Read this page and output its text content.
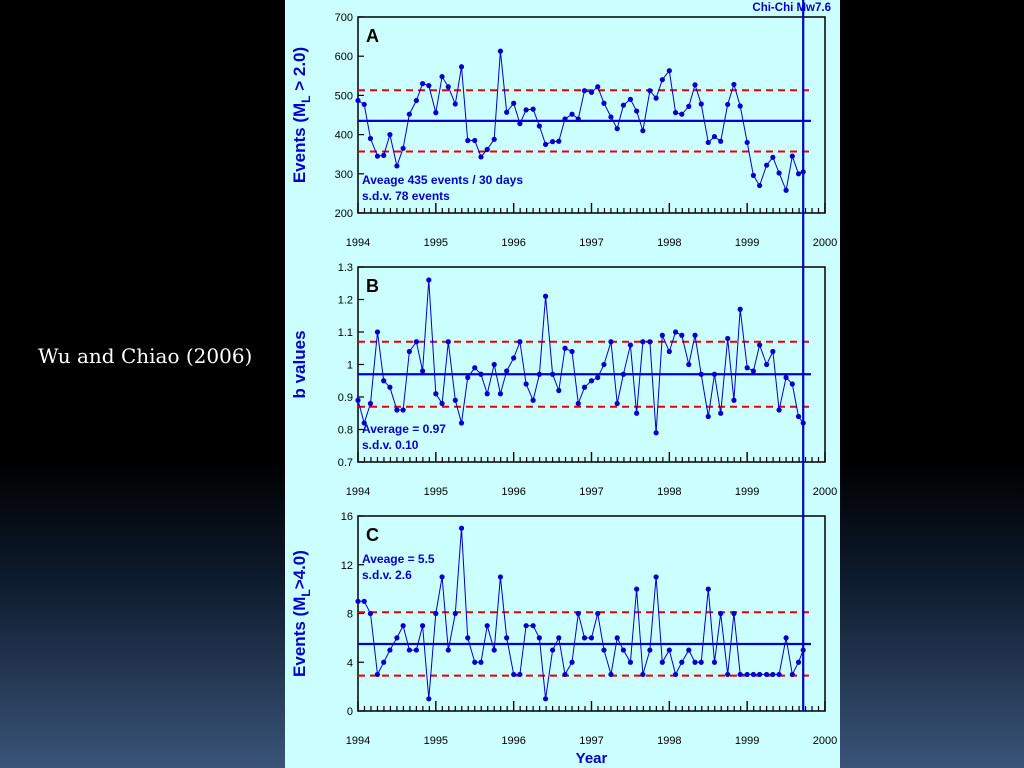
Wu and Chiao (2006)
200
300
400
500
600
700
1994	1995	1996	1997	1998	1999	2000
A
Aveage 435 events / 30 days
s.d.v. 78 events
Events $(M_L > 2.0)$
0.7
0.8
0.9
1
1.1
1.2
1.3
1994	1995	1996	1997	1998	1999	2000
B
Average = 0.97
s.d.v. 0.10
b values
0
4
8
12
16
1994	1995	1996	1997	1998	1999	2000
C
Aveage = 5.5
s.d.v. 2.6
Events $(M_L>4.0)$
Year
Chi-Chi Mw7.6
